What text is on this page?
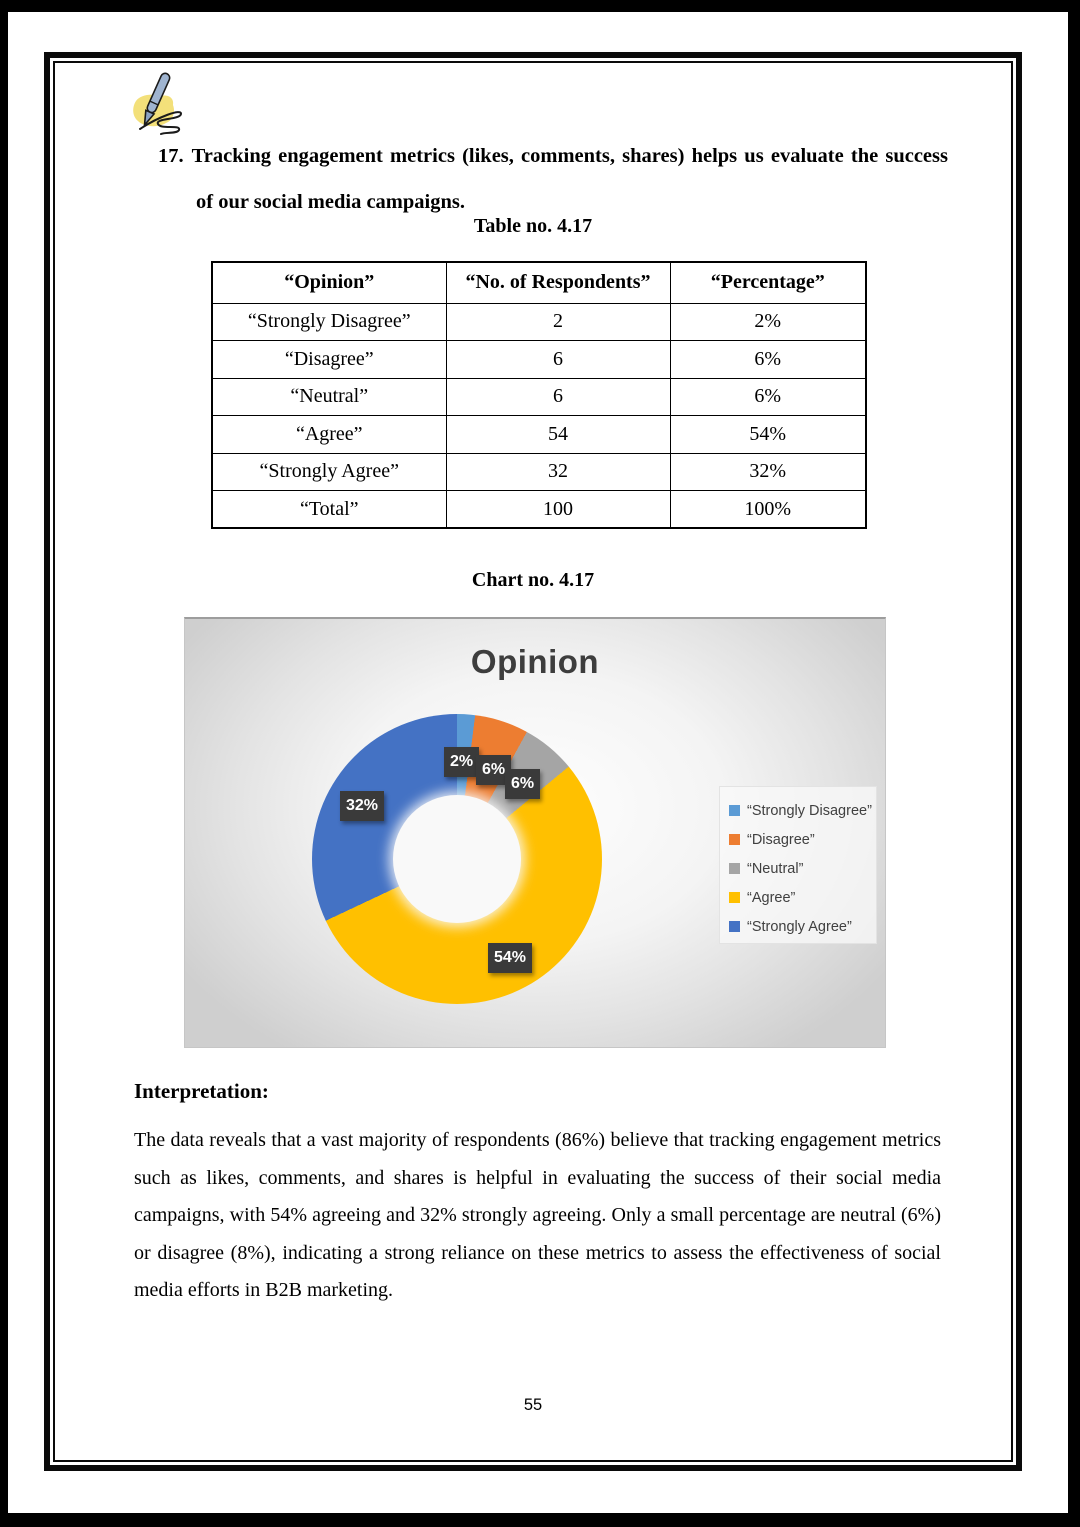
17. Tracking engagement metrics (likes, comments, shares) helps us evaluate the success of our social media campaigns.
Table no. 4.17
“Opinion”	“No. of Respondents”	“Percentage”
“Strongly Disagree”	2	2%
“Disagree”	6	6%
“Neutral”	6	6%
“Agree”	54	54%
“Strongly Agree”	32	32%
“Total”	100	100%
Chart no. 4.17
Opinion
2% 6%
6%
54%
32%	“Strongly Disagree”
“Disagree”
“Neutral”
“Agree”
“Strongly Agree”
Interpretation:
The data reveals that a vast majority of respondents (86%) believe that tracking engagement metrics such as likes, comments, and shares is helpful in evaluating the success of their social media campaigns, with 54% agreeing and 32% strongly agreeing. Only a small percentage are neutral (6%) or disagree (8%), indicating a strong reliance on these metrics to assess the effectiveness of social media efforts in B2B marketing.
55
